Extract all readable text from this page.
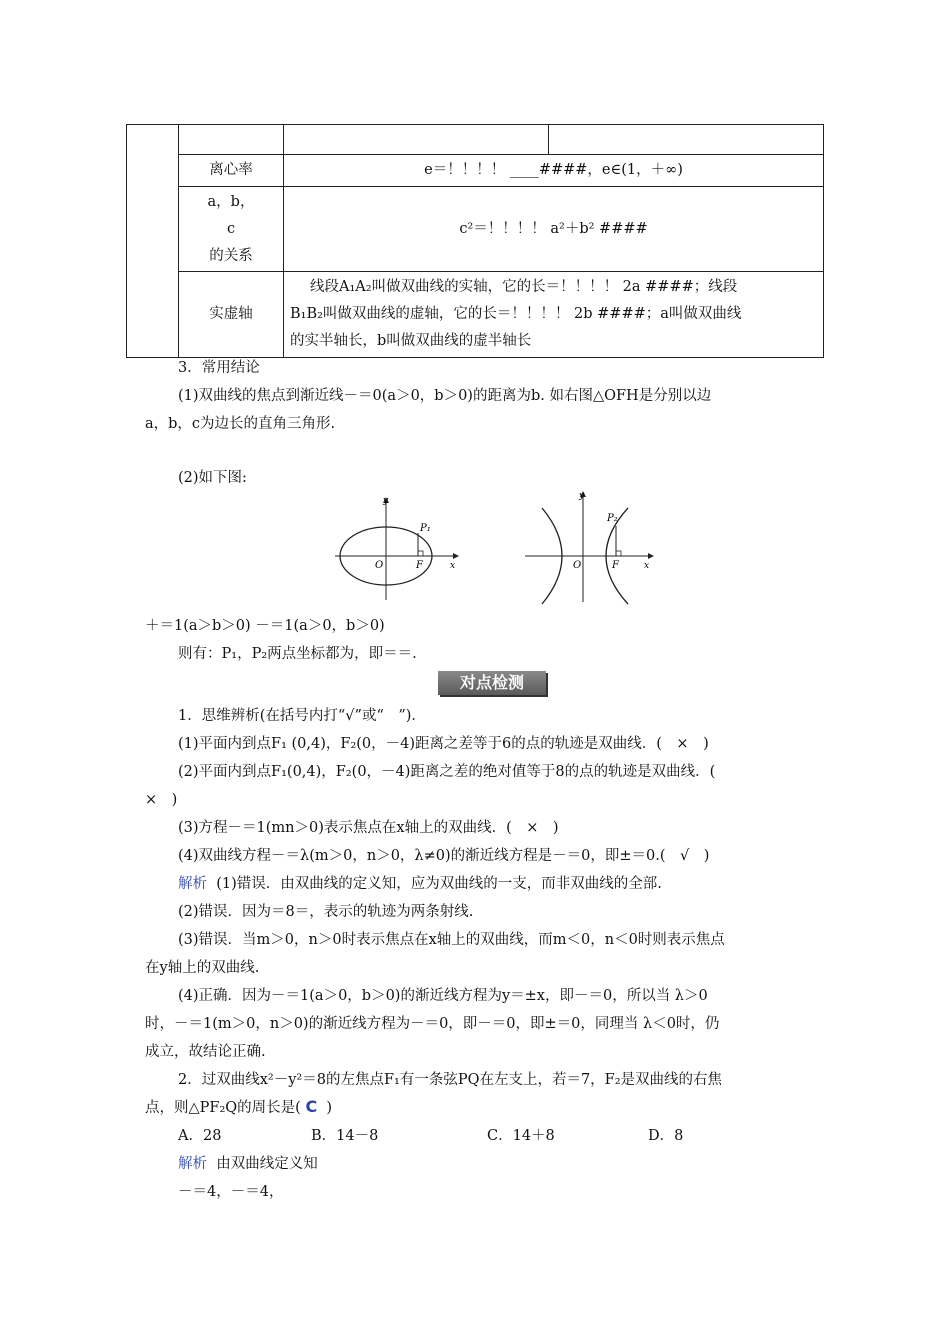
	离心率	e＝！！！！ ____####，e∈(1，＋∞)	

	a，b，
c
的关系	c²＝！！！！ a²＋b² ####	
	实虚轴	线段A₁A₂叫做双曲线的实轴，它的长＝！！！！ 2a ####；线段
B₁B₂叫做双曲线的虚轴，它的长＝！！！！ 2b ####；a叫做双曲线
的实半轴长，b叫做双曲线的虚半轴长	
3．常用结论
(1)双曲线的焦点到渐近线－＝0(a＞0，b＞0)的距离为b. 如右图△OFH是分别以边
a，b，c为边长的直角三角形.
(2)如下图:
y
O	F	x
P₁
y
O	F	x
P₂
＋＝1(a＞b＞0) －＝1(a＞0，b＞0)
则有：P₁，P₂两点坐标都为，即＝＝.
对点检测
1．思维辨析(在括号内打“√”或“　”)．
(1)平面内到点F₁ (0,4)，F₂(0，－4)距离之差等于6的点的轨迹是双曲线．(　×　)
(2)平面内到点F₁(0,4)，F₂(0，－4)距离之差的绝对值等于8的点的轨迹是双曲线．(
×　)
(3)方程－＝1(mn＞0)表示焦点在x轴上的双曲线．(　×　)
(4)双曲线方程－＝λ(m＞0，n＞0，λ≠0)的渐近线方程是－＝0，即±＝0.(　√　)
解析 (1)错误．由双曲线的定义知，应为双曲线的一支，而非双曲线的全部.
(2)错误．因为＝8＝，表示的轨迹为两条射线.
(3)错误．当m＞0，n＞0时表示焦点在x轴上的双曲线，而m＜0，n＜0时则表示焦点
在y轴上的双曲线.
(4)正确．因为－＝1(a＞0，b＞0)的渐近线方程为y＝±x，即－＝0，所以当 λ＞0
时，－＝1(m＞0，n＞0)的渐近线方程为－＝0，即－＝0，即±＝0，同理当 λ＜0时，仍
成立，故结论正确.
2．过双曲线x²－y²＝8的左焦点F₁有一条弦PQ在左支上，若＝7，F₂是双曲线的右焦
点，则△PF₂Q的周长是( C )
A．28	B．14－8	C．14＋8	D．8
解析 由双曲线定义知
－＝4，－＝4，
